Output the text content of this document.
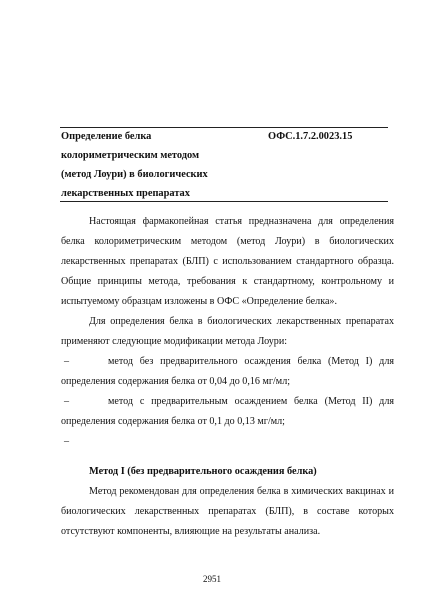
Определение белка
колориметрическим методом
(метод Лоури) в биологических
лекарственных препаратах
ОФС.1.7.2.0023.15
Настоящая фармакопейная статья предназначена для определения
белка колориметрическим методом (метод Лоури) в биологических
лекарственных препаратах (БЛП) с использованием стандартного образца.
Общие принципы метода, требования к стандартному, контрольному и
испытуемому образцам изложены в ОФС «Определение белка».
Для определения белка в биологических лекарственных препаратах
применяют следующие модификации метода Лоури:
–	метод без предварительного осаждения белка (Метод I) для
определения содержания белка от 0,04 до 0,16 мг/мл;
–	метод с предварительным осаждением белка (Метод II) для
определения содержания белка от 0,1 до 0,13 мг/мл;
–
Метод I (без предварительного осаждения белка)
Метод рекомендован для определения белка в химических вакцинах и
биологических лекарственных препаратах (БЛП), в составе которых
отсутствуют компоненты, влияющие на результаты анализа.
2951
